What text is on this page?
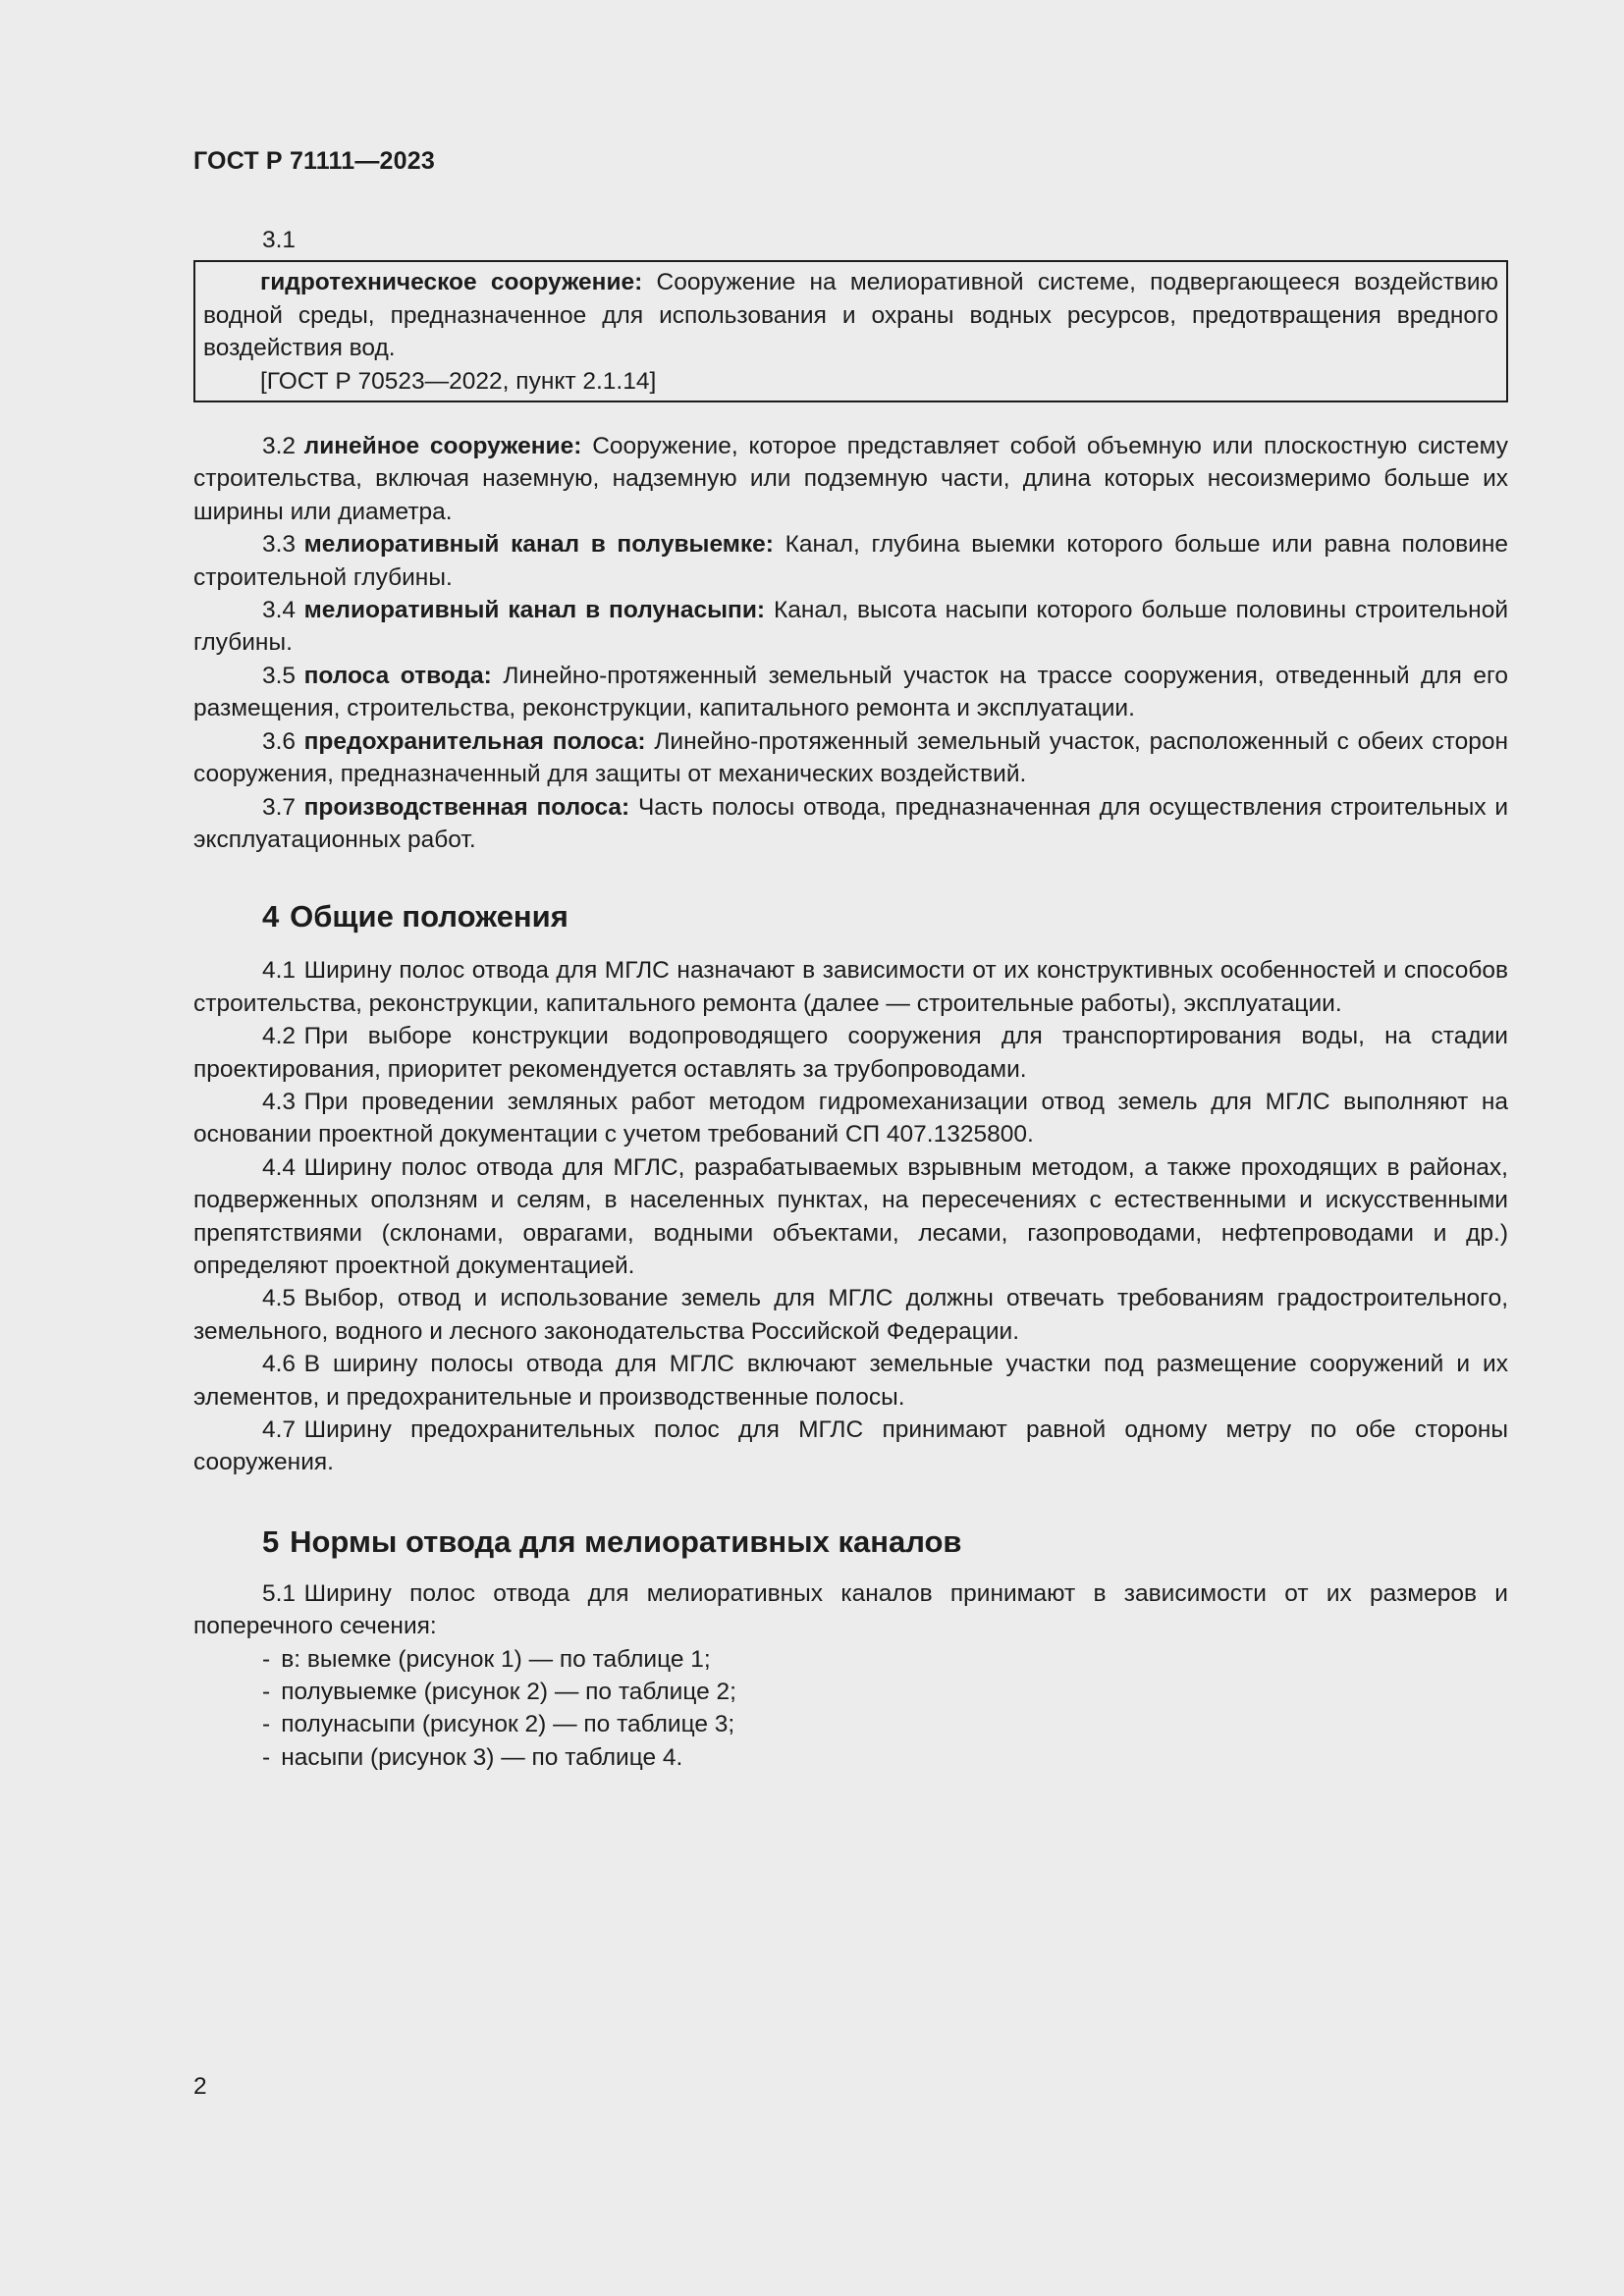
ГОСТ Р 71111—2023

3.1

гидротехническое сооружение: Сооружение на мелиоративной системе, подвергающееся воздействию водной среды, предназначенное для использования и охраны водных ресурсов, предотвращения вредного воздействия вод.

[ГОСТ Р 70523—2022, пункт 2.1.14]

3.2 линейное сооружение: Сооружение, которое представляет собой объемную или плоскостную систему строительства, включая наземную, надземную или подземную части, длина которых несоизмеримо больше их ширины или диаметра.

3.3 мелиоративный канал в полувыемке: Канал, глубина выемки которого больше или равна половине строительной глубины.

3.4 мелиоративный канал в полунасыпи: Канал, высота насыпи которого больше половины строительной глубины.

3.5 полоса отвода: Линейно-протяженный земельный участок на трассе сооружения, отведенный для его размещения, строительства, реконструкции, капитального ремонта и эксплуатации.

3.6 предохранительная полоса: Линейно-протяженный земельный участок, расположенный с обеих сторон сооружения, предназначенный для защиты от механических воздействий.

3.7 производственная полоса: Часть полосы отвода, предназначенная для осуществления строительных и эксплуатационных работ.

4 Общие положения

4.1 Ширину полос отвода для МГЛС назначают в зависимости от их конструктивных особенностей и способов строительства, реконструкции, капитального ремонта (далее — строительные работы), эксплуатации.

4.2 При выборе конструкции водопроводящего сооружения для транспортирования воды, на стадии проектирования, приоритет рекомендуется оставлять за трубопроводами.

4.3 При проведении земляных работ методом гидромеханизации отвод земель для МГЛС выполняют на основании проектной документации с учетом требований СП 407.1325800.

4.4 Ширину полос отвода для МГЛС, разрабатываемых взрывным методом, а также проходящих в районах, подверженных оползням и селям, в населенных пунктах, на пересечениях с естественными и искусственными препятствиями (склонами, оврагами, водными объектами, лесами, газопроводами, нефтепроводами и др.) определяют проектной документацией.

4.5 Выбор, отвод и использование земель для МГЛС должны отвечать требованиям градостроительного, земельного, водного и лесного законодательства Российской Федерации.

4.6 В ширину полосы отвода для МГЛС включают земельные участки под размещение сооружений и их элементов, и предохранительные и производственные полосы.

4.7 Ширину предохранительных полос для МГЛС принимают равной одному метру по обе стороны сооружения.

5 Нормы отвода для мелиоративных каналов

5.1 Ширину полос отвода для мелиоративных каналов принимают в зависимости от их размеров и поперечного сечения:

- в: выемке (рисунок 1) — по таблице 1;
- полувыемке (рисунок 2) — по таблице 2;
- полунасыпи (рисунок 2) — по таблице 3;
- насыпи (рисунок 3) — по таблице 4.
2
